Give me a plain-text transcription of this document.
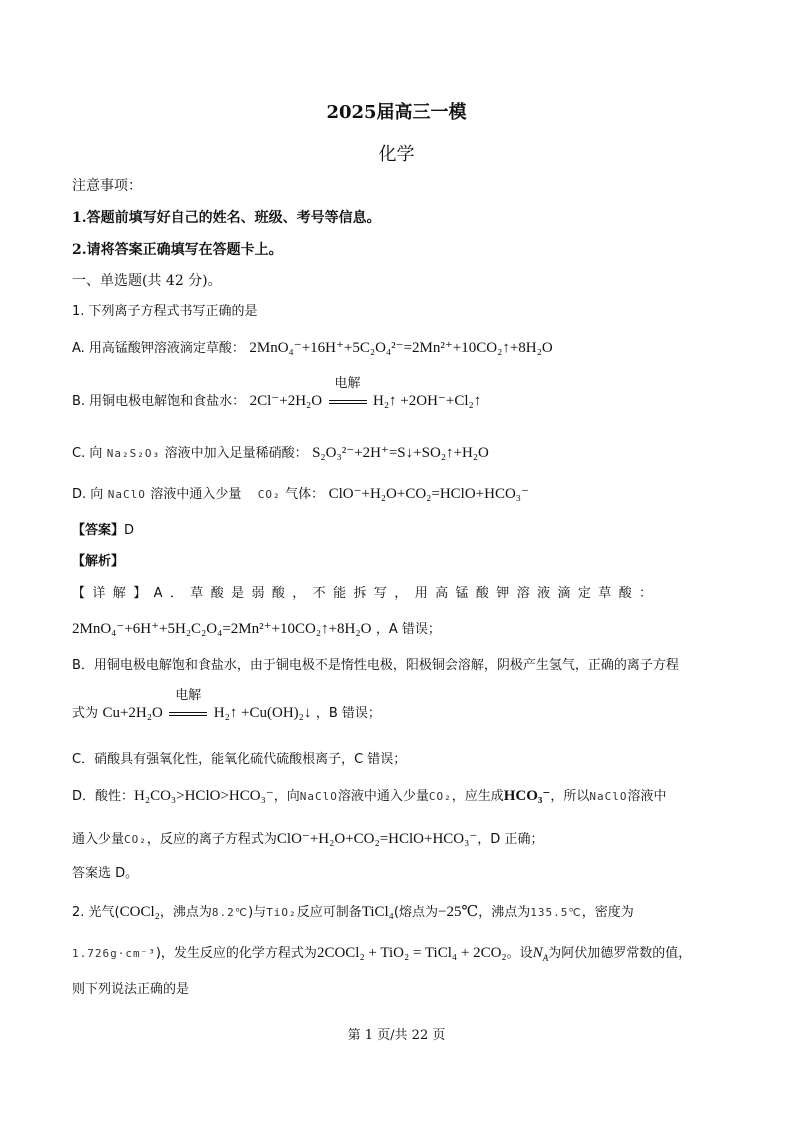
2025届高三一模
化学
注意事项：
1.答题前填写好自己的姓名、班级、考号等信息。
2.请将答案正确填写在答题卡上。
一、单选题(共 42 分)。
1. 下列离子方程式书写正确的是
A. 用高锰酸钾溶液滴定草酸： 2MnO₄⁻+16H⁺+5C₂O₄²⁻=2Mn²⁺+10CO₂↑+8H₂O
B. 用铜电极电解饱和食盐水： 2Cl⁻+2H₂O
电解
H₂↑ +2OH⁻+Cl₂↑
C. 向 Na₂S₂O₃ 溶液中加入足量稀硝酸： S₂O₃²⁻+2H⁺=S↓+SO₂↑+H₂O
D. 向 NaClO 溶液中通入少量 CO₂ 气体： ClO⁻+H₂O+CO₂=HClO+HCO₃⁻
【答案】D
【解析】
【详解】A．草酸是弱酸，不能拆写，用高锰酸钾溶液滴定草酸：
2MnO₄⁻+6H⁺+5H₂C₂O₄=2Mn²⁺+10CO₂↑+8H₂O ，A 错误；
B．用铜电极电解饱和食盐水，由于铜电极不是惰性电极，阳极铜会溶解，阴极产生氢气，正确的离子方程
式为 Cu+2H₂O
电解
H₂↑ +Cu(OH)₂↓ ，B 错误；
C．硝酸具有强氧化性，能氧化硫代硫酸根离子，C 错误；
D．酸性：H₂CO₃>HClO>HCO₃⁻，向NaClO溶液中通入少量CO₂，应生成HCO₃⁻，所以NaClO溶液中
通入少量CO₂，反应的离子方程式为ClO⁻+H₂O+CO₂=HClO+HCO₃⁻，D 正确；
答案选 D。
2. 光气(COCl₂，沸点为8.2℃)与TiO₂反应可制备TiCl₄(熔点为−25℃，沸点为135.5℃，密度为
1.726g·cm⁻³)，发生反应的化学方程式为2COCl₂ + TiO₂ = TiCl₄ + 2CO₂。设$N_A$为阿伏加德罗常数的值，
则下列说法正确的是
第 1 页/共 22 页
